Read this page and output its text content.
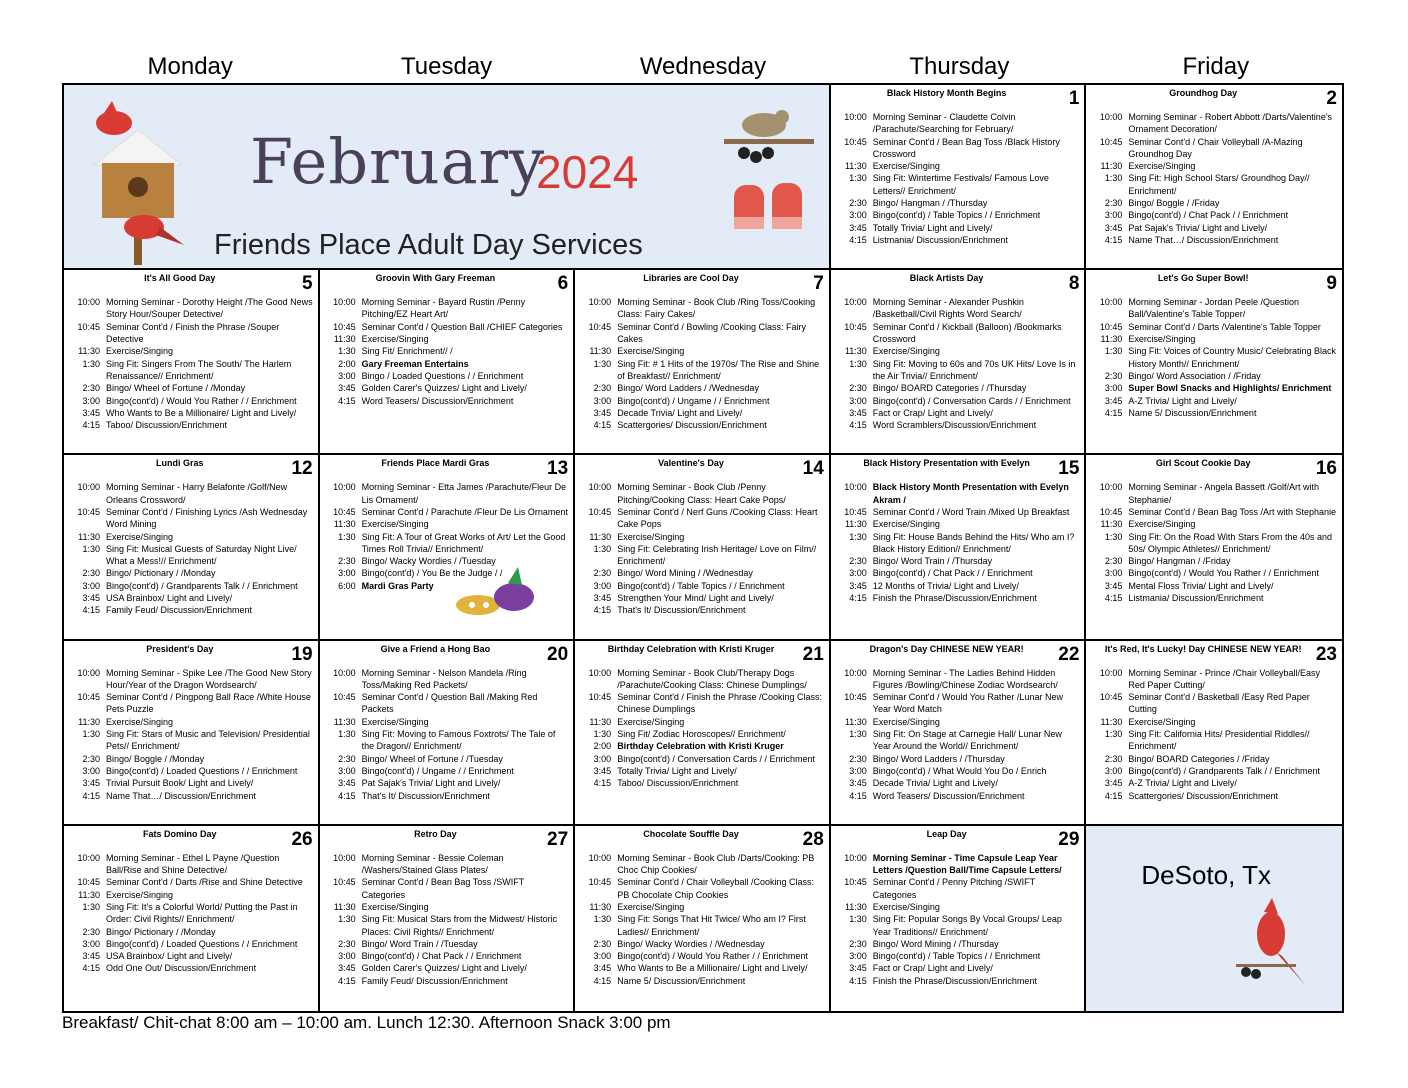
Monday	Tuesday	Wednesday	Thursday	Friday
February
2024
Friends Place Adult Day Services
Black History Month Begins	1
10:00 Morning Seminar - Claudette Colvin /Parachute/Searching for February/
10:45 Seminar Cont'd / Bean Bag Toss /Black History Crossword
11:30 Exercise/Singing
1:30 Sing Fit: Wintertime Festivals/ Famous Love Letters// Enrichment/
2:30 Bingo/ Hangman / /Thursday
3:00 Bingo(cont'd) / Table Topics / / Enrichment
3:45 Totally Trivia/ Light and Lively/
4:15 Listmania/ Discussion/Enrichment
Groundhog Day	2
10:00 Morning Seminar - Robert Abbott /Darts/Valentine's Ornament Decoration/
10:45 Seminar Cont'd / Chair Volleyball /A-Mazing Groundhog Day
11:30 Exercise/Singing
1:30 Sing Fit: High School Stars/ Groundhog Day// Enrichment/
2:30 Bingo/ Boggle / /Friday
3:00 Bingo(cont'd) / Chat Pack / / Enrichment
3:45 Pat Sajak's Trivia/ Light and Lively/
4:15 Name That…/ Discussion/Enrichment
It's All Good Day	5
10:00 Morning Seminar - Dorothy Height /The Good News Story Hour/Souper Detective/
10:45 Seminar Cont'd / Finish the Phrase /Souper Detective
11:30 Exercise/Singing
1:30 Sing Fit: Singers From The South/ The Harlem Renaissance// Enrichment/
2:30 Bingo/ Wheel of Fortune / /Monday
3:00 Bingo(cont'd) / Would You Rather / / Enrichment
3:45 Who Wants to Be a Millionaire/ Light and Lively/
4:15 Taboo/ Discussion/Enrichment
Groovin With Gary Freeman	6
10:00 Morning Seminar - Bayard Rustin /Penny Pitching/EZ Heart Art/
10:45 Seminar Cont'd / Question Ball /CHIEF Categories
11:30 Exercise/Singing
1:30 Sing Fit/ Enrichment// /
2:00 Gary Freeman Entertains
3:00 Bingo / Loaded Questions / / Enrichment
3:45 Golden Carer's Quizzes/ Light and Lively/
4:15 Word Teasers/ Discussion/Enrichment
Libraries are Cool Day	7
10:00 Morning Seminar - Book Club /Ring Toss/Cooking Class: Fairy Cakes/
10:45 Seminar Cont'd / Bowling /Cooking Class: Fairy Cakes
11:30 Exercise/Singing
1:30 Sing Fit: # 1 Hits of the 1970s/ The Rise and Shine of Breakfast// Enrichment/
2:30 Bingo/ Word Ladders / /Wednesday
3:00 Bingo(cont'd) / Ungame / / Enrichment
3:45 Decade Trivia/ Light and Lively/
4:15 Scattergories/ Discussion/Enrichment
Black Artists Day	8
10:00 Morning Seminar - Alexander Pushkin /Basketball/Civil Rights Word Search/
10:45 Seminar Cont'd / Kickball (Balloon) /Bookmarks Crossword
11:30 Exercise/Singing
1:30 Sing Fit: Moving to 60s and 70s UK Hits/ Love Is in the Air Trivia// Enrichment/
2:30 Bingo/ BOARD Categories / /Thursday
3:00 Bingo(cont'd) / Conversation Cards / / Enrichment
3:45 Fact or Crap/ Light and Lively/
4:15 Word Scramblers/Discussion/Enrichment
Let's Go Super Bowl!	9
10:00 Morning Seminar - Jordan Peele /Question Ball/Valentine's Table Topper/
10:45 Seminar Cont'd / Darts /Valentine's Table Topper
11:30 Exercise/Singing
1:30 Sing Fit: Voices of Country Music/ Celebrating Black History Month// Enrichment/
2:30 Bingo/ Word Association / /Friday
3:00 Super Bowl Snacks and Highlights/ Enrichment
3:45 A-Z Trivia/ Light and Lively/
4:15 Name 5/ Discussion/Enrichment
Lundi Gras	12
10:00 Morning Seminar - Harry Belafonte /Golf/New Orleans Crossword/
10:45 Seminar Cont'd / Finishing Lyrics /Ash Wednesday Word Mining
11:30 Exercise/Singing
1:30 Sing Fit: Musical Guests of Saturday Night Live/ What a Mess!// Enrichment/
2:30 Bingo/ Pictionary / /Monday
3:00 Bingo(cont'd) / Grandparents Talk / / Enrichment
3:45 USA Brainbox/ Light and Lively/
4:15 Family Feud/ Discussion/Enrichment
Friends Place Mardi Gras	13
10:00 Morning Seminar - Etta James /Parachute/Fleur De Lis Ornament/
10:45 Seminar Cont'd / Parachute /Fleur De Lis Ornament
11:30 Exercise/Singing
1:30 Sing Fit: A Tour of Great Works of Art/ Let the Good Times Roll Trivia// Enrichment/
2:30 Bingo/ Wacky Wordies / /Tuesday
3:00 Bingo(cont'd) / You Be the Judge / /
6:00 Mardi Gras Party
Valentine's Day	14
10:00 Morning Seminar - Book Club /Penny Pitching/Cooking Class: Heart Cake Pops/
10:45 Seminar Cont'd / Nerf Guns /Cooking Class: Heart Cake Pops
11:30 Exercise/Singing
1:30 Sing Fit: Celebrating Irish Heritage/ Love on Film// Enrichment/
2:30 Bingo/ Word Mining / /Wednesday
3:00 Bingo(cont'd) / Table Topics / / Enrichment
3:45 Strengthen Your Mind/ Light and Lively/
4:15 That's It/ Discussion/Enrichment
Black History Presentation with Evelyn	15
10:00 Black History Month Presentation with Evelyn Akram /
10:45 Seminar Cont'd / Word Train /Mixed Up Breakfast
11:30 Exercise/Singing
1:30 Sing Fit: House Bands Behind the Hits/ Who am I? Black History Edition// Enrichment/
2:30 Bingo/ Word Train / /Thursday
3:00 Bingo(cont'd) / Chat Pack / / Enrichment
3:45 12 Months of Trivia/ Light and Lively/
4:15 Finish the Phrase/Discussion/Enrichment
Girl Scout Cookie Day	16
10:00 Morning Seminar - Angela Bassett /Golf/Art with Stephanie/
10:45 Seminar Cont'd / Bean Bag Toss /Art with Stephanie
11:30 Exercise/Singing
1:30 Sing Fit: On the Road With Stars From the 40s and 50s/ Olympic Athletes// Enrichment/
2:30 Bingo/ Hangman / /Friday
3:00 Bingo(cont'd) / Would You Rather / / Enrichment
3:45 Mental Floss Trivia/ Light and Lively/
4:15 Listmania/ Discussion/Enrichment
President's Day	19
10:00 Morning Seminar - Spike Lee /The Good New Story Hour/Year of the Dragon Wordsearch/
10:45 Seminar Cont'd / Pingpong Ball Race /White House Pets Puzzle
11:30 Exercise/Singing
1:30 Sing Fit: Stars of Music and Television/ Presidential Pets// Enrichment/
2:30 Bingo/ Boggle / /Monday
3:00 Bingo(cont'd) / Loaded Questions / / Enrichment
3:45 Trivial Pursuit Book/ Light and Lively/
4:15 Name That…/ Discussion/Enrichment
Give a Friend a Hong Bao	20
10:00 Morning Seminar - Nelson Mandela /Ring Toss/Making Red Packets/
10:45 Seminar Cont'd / Question Ball /Making Red Packets
11:30 Exercise/Singing
1:30 Sing Fit: Moving to Famous Foxtrots/ The Tale of the Dragon// Enrichment/
2:30 Bingo/ Wheel of Fortune / /Tuesday
3:00 Bingo(cont'd) / Ungame / / Enrichment
3:45 Pat Sajak's Trivia/ Light and Lively/
4:15 That's It/ Discussion/Enrichment
Birthday Celebration with Kristi Kruger	21
10:00 Morning Seminar - Book Club/Therapy Dogs /Parachute/Cooking Class: Chinese Dumplings/
10:45 Seminar Cont'd / Finish the Phrase /Cooking Class: Chinese Dumplings
11:30 Exercise/Singing
1:30 Sing Fit/ Zodiac Horoscopes// Enrichment/
2:00 Birthday Celebration with Kristi Kruger
3:00 Bingo(cont'd) / Conversation Cards / / Enrichment
3:45 Totally Trivia/ Light and Lively/
4:15 Taboo/ Discussion/Enrichment
Dragon's Day CHINESE NEW YEAR!	22
10:00 Morning Seminar - The Ladies Behind Hidden Figures /Bowling/Chinese Zodiac Wordsearch/
10:45 Seminar Cont'd / Would You Rather /Lunar New Year Word Match
11:30 Exercise/Singing
1:30 Sing Fit: On Stage at Carnegie Hall/ Lunar New Year Around the World// Enrichment/
2:30 Bingo/ Word Ladders / /Thursday
3:00 Bingo(cont'd) / What Would You Do / Enrich
3:45 Decade Trivia/ Light and Lively/
4:15 Word Teasers/ Discussion/Enrichment
It's Red, It's Lucky! Day CHINESE NEW YEAR! 23
10:00 Morning Seminar - Prince /Chair Volleyball/Easy Red Paper Cutting/
10:45 Seminar Cont'd / Basketball /Easy Red Paper Cutting
11:30 Exercise/Singing
1:30 Sing Fit: California Hits/ Presidential Riddles// Enrichment/
2:30 Bingo/ BOARD Categories / /Friday
3:00 Bingo(cont'd) / Grandparents Talk / / Enrichment
3:45 A-Z Trivia/ Light and Lively/
4:15 Scattergories/ Discussion/Enrichment
Fats Domino Day	26
10:00 Morning Seminar - Ethel L Payne /Question Ball/Rise and Shine Detective/
10:45 Seminar Cont'd / Darts /Rise and Shine Detective
11:30 Exercise/Singing
1:30 Sing Fit: It's a Colorful World/ Putting the Past in Order: Civil Rights// Enrichment/
2:30 Bingo/ Pictionary / /Monday
3:00 Bingo(cont'd) / Loaded Questions / / Enrichment
3:45 USA Brainbox/ Light and Lively/
4:15 Odd One Out/ Discussion/Enrichment
Retro Day	27
10:00 Morning Seminar - Bessie Coleman /Washers/Stained Glass Plates/
10:45 Seminar Cont'd / Bean Bag Toss /SWIFT Categories
11:30 Exercise/Singing
1:30 Sing Fit: Musical Stars from the Midwest/ Historic Places: Civil Rights// Enrichment/
2:30 Bingo/ Word Train / /Tuesday
3:00 Bingo(cont'd) / Chat Pack / / Enrichment
3:45 Golden Carer's Quizzes/ Light and Lively/
4:15 Family Feud/ Discussion/Enrichment
Chocolate Souffle Day	28
10:00 Morning Seminar - Book Club /Darts/Cooking: PB Choc Chip Cookies/
10:45 Seminar Cont'd / Chair Volleyball /Cooking Class: PB Chocolate Chip Cookies
11:30 Exercise/Singing
1:30 Sing Fit: Songs That Hit Twice/ Who am I? First Ladies// Enrichment/
2:30 Bingo/ Wacky Wordies / /Wednesday
3:00 Bingo(cont'd) / Would You Rather / / Enrichment
3:45 Who Wants to Be a Millionaire/ Light and Lively/
4:15 Name 5/ Discussion/Enrichment
Leap Day	29
10:00 Morning Seminar - Time Capsule Leap Year Letters /Question Ball/Time Capsule Letters/
10:45 Seminar Cont'd / Penny Pitching /SWIFT Categories
11:30 Exercise/Singing
1:30 Sing Fit: Popular Songs By Vocal Groups/ Leap Year Traditions// Enrichment/
2:30 Bingo/ Word Mining / /Thursday
3:00 Bingo(cont'd) / Table Topics / / Enrichment
3:45 Fact or Crap/ Light and Lively/
4:15 Finish the Phrase/Discussion/Enrichment
DeSoto, Tx
Breakfast/ Chit-chat 8:00 am – 10:00 am. Lunch 12:30. Afternoon Snack 3:00 pm
